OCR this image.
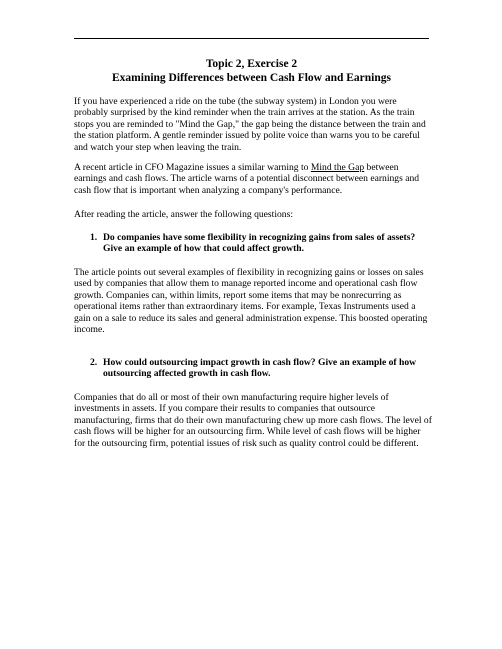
Topic 2, Exercise 2
Examining Differences between Cash Flow and Earnings
If you have experienced a ride on the tube (the subway system) in London you were probably surprised by the kind reminder when the train arrives at the station. As the train stops you are reminded to "Mind the Gap," the gap being the distance between the train and the station platform. A gentle reminder issued by polite voice than warns you to be careful and watch your step when leaving the train.
A recent article in CFO Magazine issues a similar warning to Mind the Gap between earnings and cash flows. The article warns of a potential disconnect between earnings and cash flow that is important when analyzing a company's performance.
After reading the article, answer the following questions:
1. Do companies have some flexibility in recognizing gains from sales of assets? Give an example of how that could affect growth.
The article points out several examples of flexibility in recognizing gains or losses on sales used by companies that allow them to manage reported income and operational cash flow growth. Companies can, within limits, report some items that may be nonrecurring as operational items rather than extraordinary items. For example, Texas Instruments used a gain on a sale to reduce its sales and general administration expense. This boosted operating income.
2. How could outsourcing impact growth in cash flow? Give an example of how outsourcing affected growth in cash flow.
Companies that do all or most of their own manufacturing require higher levels of investments in assets. If you compare their results to companies that outsource manufacturing, firms that do their own manufacturing chew up more cash flows. The level of cash flows will be higher for an outsourcing firm. While level of cash flows will be higher for the outsourcing firm, potential issues of risk such as quality control could be different.
